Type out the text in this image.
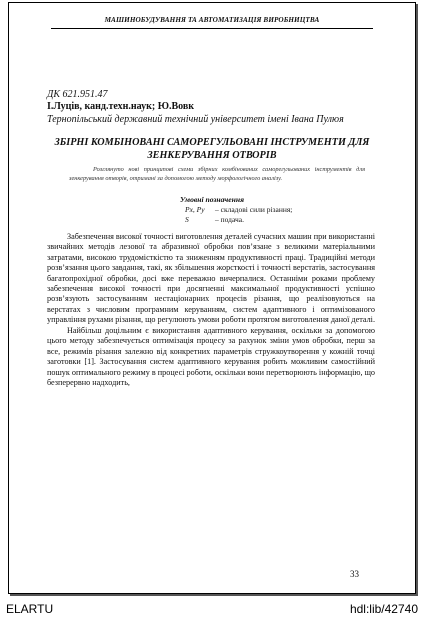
МАШИНОБУДУВАННЯ ТА АВТОМАТИЗАЦІЯ ВИРОБНИЦТВА
ДК 621.951.47
І.Луців, канд.техн.наук; Ю.Вовк
Тернопільський державний технічний університет імені Івана Пулюя
ЗБІРНІ КОМБІНОВАНІ САМОРЕГУЛЬОВАНІ ІНСТРУМЕНТИ ДЛЯ ЗЕНКЕРУВАННЯ ОТВОРІВ
Розглянуто нові принципові схеми збірних комбінованих саморегульованих інструментів для зенкерування отворів, отримані за допомогою методу морфологічного аналізу.
Умовні позначення
Px, Py – складові сили різання;
S	– подача.
Забезпечення високої точності виготовлення деталей сучасних машин при використанні звичайних методів лезової та абразивної обробки пов’язане з великими матеріальними затратами, високою трудомісткістю та зниженням продуктивності праці. Традиційні методи розв’язання цього завдання, такі, як збільшення жорсткості і точності верстатів, застосування багатопрохідної обробки, досі вже переважно вичерпалися. Останніми роками проблему забезпечення високої точності при досягненні максимальної продуктивності успішно розв’язують застосуванням нестаціонарних процесів різання, що реалізовуються на верстатах з числовим програмним керуванням, систем адаптивного і оптимізованого управління рухами різання, що регулюють умови роботи протягом виготовлення даної деталі.
Найбільш доцільним є використання адаптивного керування, оскільки за допомогою цього методу забезпечується оптимізація процесу за рахунок зміни умов обробки, перш за все, режимів різання залежно від конкретних параметрів стружкоутворення у кожній точці заготовки [1]. Застосування систем адаптивного керування робить можливим самостійний пошук оптимального режиму в процесі роботи, оскільки вони перетворюють інформацію, що безперервно надходить,
33
ELARTU	hdl:lib/42740
